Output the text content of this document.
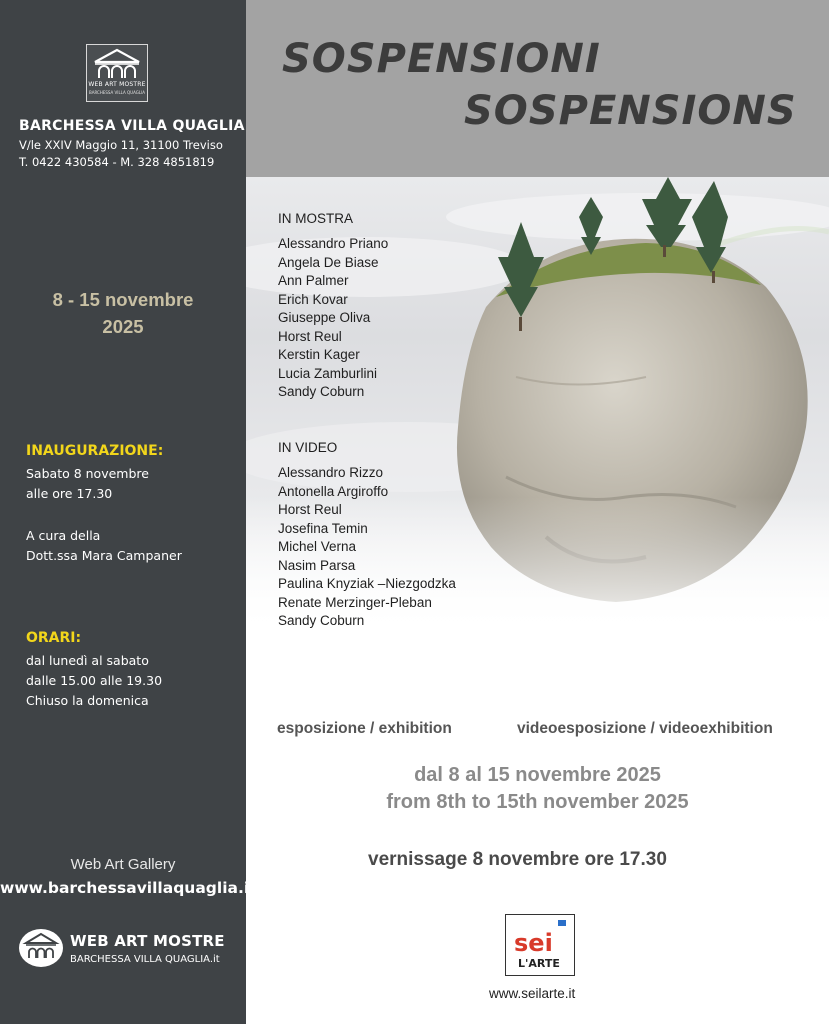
WEB ART MOSTRE
BARCHESSA VILLA QUAGLIA
BARCHESSA VILLA QUAGLIA
V/le XXIV Maggio 11, 31100 Treviso
T. 0422 430584 - M. 328 4851819
8 - 15 novembre
2025
INAUGURAZIONE:
Sabato 8 novembre
alle ore 17.30
A cura della
Dott.ssa Mara Campaner
ORARI:
dal lunedì al sabato
dalle 15.00 alle 19.30
Chiuso la domenica
Web Art Gallery
www.barchessavillaquaglia.it
WEB ART MOSTRE
BARCHESSA VILLA QUAGLIA.it
SOSPENSIONI
SOSPENSIONS
IN MOSTRA
Alessandro Priano
Angela De Biase
Ann Palmer
Erich Kovar
Giuseppe Oliva
Horst Reul
Kerstin Kager
Lucia Zamburlini
Sandy Coburn
IN VIDEO
Alessandro Rizzo
Antonella Argiroffo
Horst Reul
Josefina Temin
Michel Verna
Nasim Parsa
Paulina Knyziak –Niezgodzka
Renate Merzinger-Pleban
Sandy Coburn
esposizione / exhibition	videoesposizione / videoexhibition
dal 8 al 15 novembre 2025
from 8th to 15th november 2025
vernissage 8 novembre ore 17.30
sei
L'ARTE
www.seilarte.it
